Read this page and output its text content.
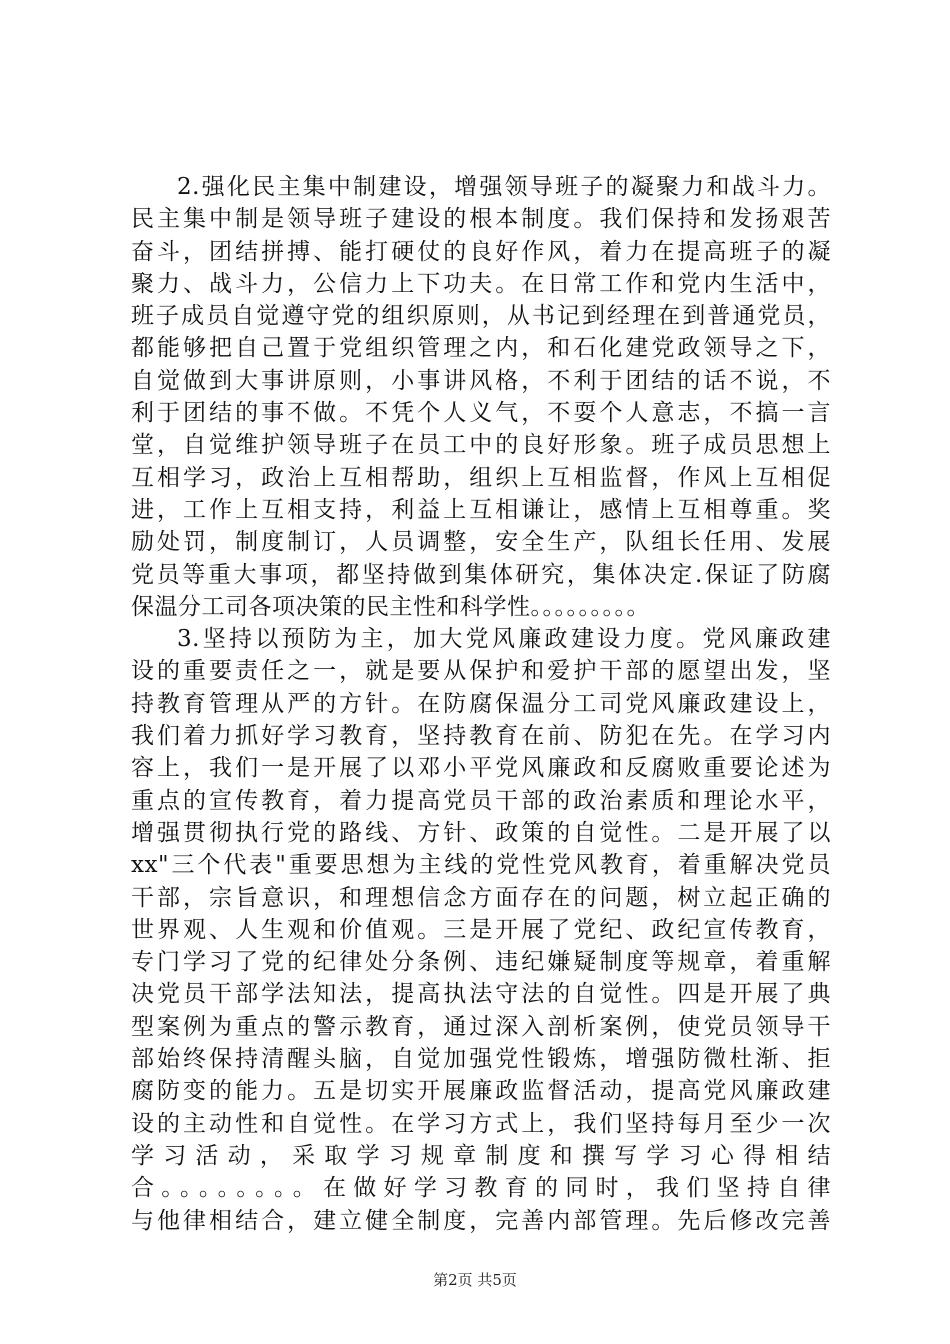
2.强化民主集中制建设，增强领导班子的凝聚力和战斗力。
民主集中制是领导班子建设的根本制度。我们保持和发扬艰苦
奋斗，团结拼搏、能打硬仗的良好作风，着力在提高班子的凝
聚力、战斗力，公信力上下功夫。在日常工作和党内生活中，
班子成员自觉遵守党的组织原则，从书记到经理在到普通党员，
都能够把自己置于党组织管理之内，和石化建党政领导之下，
自觉做到大事讲原则，小事讲风格，不利于团结的话不说，不
利于团结的事不做。不凭个人义气，不耍个人意志，不搞一言
堂，自觉维护领导班子在员工中的良好形象。班子成员思想上
互相学习，政治上互相帮助，组织上互相监督，作风上互相促
进，工作上互相支持，利益上互相谦让，感情上互相尊重。奖
励处罚，制度制订，人员调整，安全生产，队组长任用、发展
党员等重大事项，都坚持做到集体研究，集体决定.保证了防腐
保温分工司各项决策的民主性和科学性。。。。。。。。。
3.坚持以预防为主，加大党风廉政建设力度。党风廉政建
设的重要责任之一，就是要从保护和爱护干部的愿望出发，坚
持教育管理从严的方针。在防腐保温分工司党风廉政建设上，
我们着力抓好学习教育，坚持教育在前、防犯在先。在学习内
容上，我们一是开展了以邓小平党风廉政和反腐败重要论述为
重点的宣传教育，着力提高党员干部的政治素质和理论水平，
增强贯彻执行党的路线、方针、政策的自觉性。二是开展了以
xx"三个代表"重要思想为主线的党性党风教育，着重解决党员
干部，宗旨意识，和理想信念方面存在的问题，树立起正确的
世界观、人生观和价值观。三是开展了党纪、政纪宣传教育，
专门学习了党的纪律处分条例、违纪嫌疑制度等规章，着重解
决党员干部学法知法，提高执法守法的自觉性。四是开展了典
型案例为重点的警示教育，通过深入剖析案例，使党员领导干
部始终保持清醒头脑，自觉加强党性锻炼，增强防微杜渐、拒
腐防变的能力。五是切实开展廉政监督活动，提高党风廉政建
设的主动性和自觉性。在学习方式上，我们坚持每月至少一次
学习活动，采取学习规章制度和撰写学习心得相结
合。。。。。。。。在做好学习教育的同时，我们坚持自律
与他律相结合，建立健全制度，完善内部管理。先后修改完善
第2页 共5页
